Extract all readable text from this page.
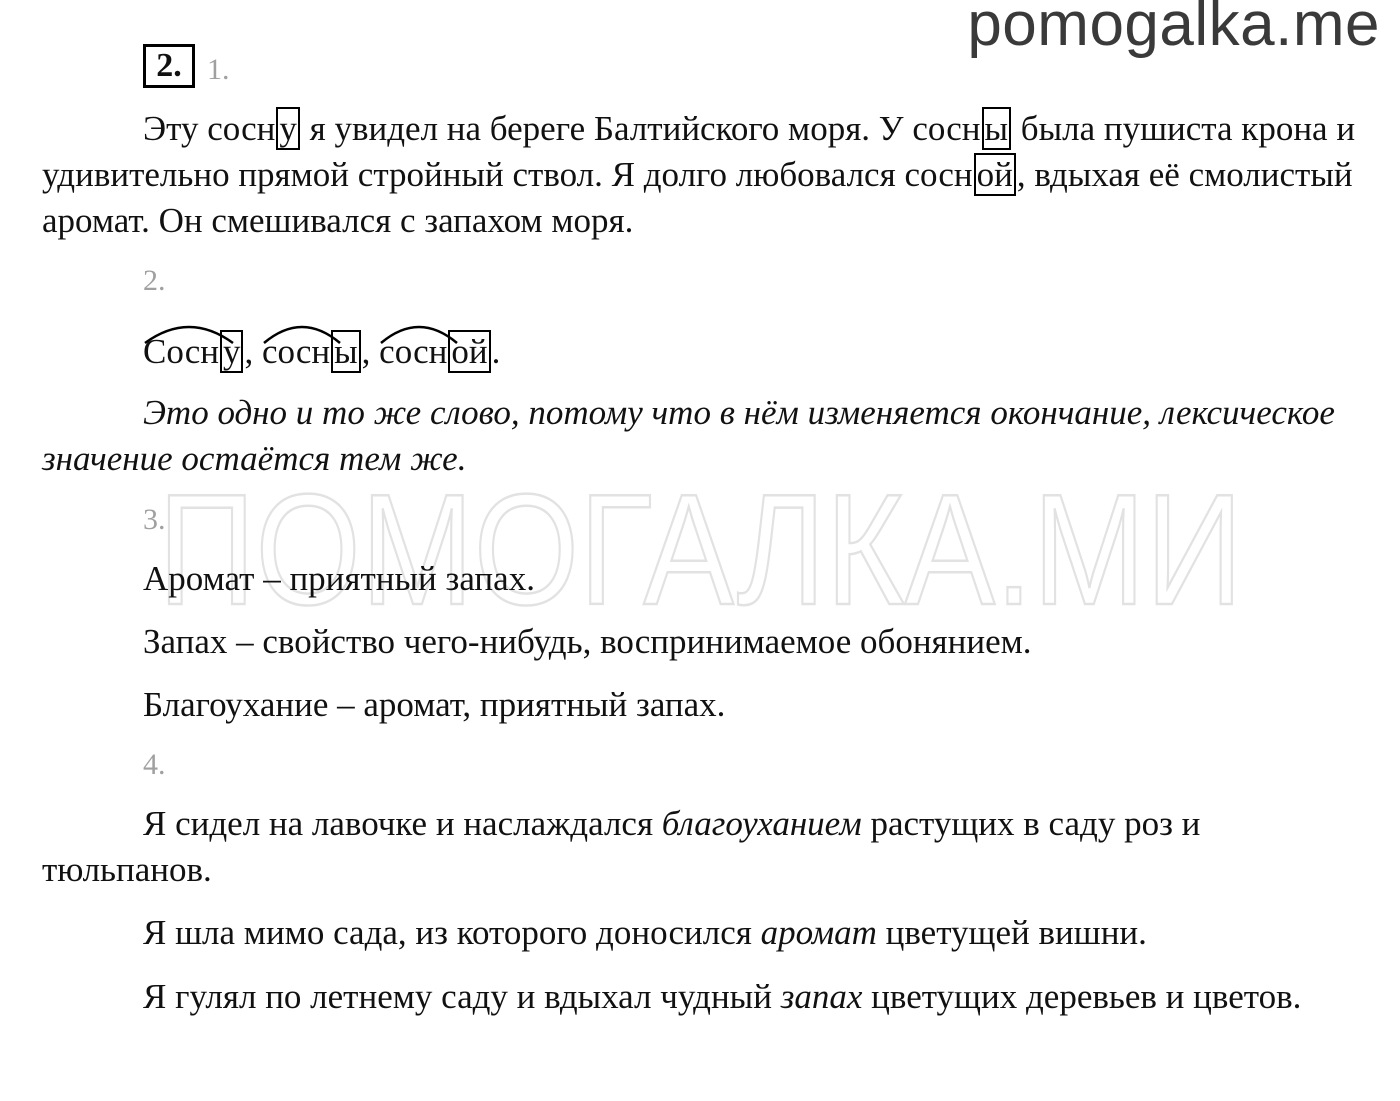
pomogalka.me
ПОМОГАЛКА.МИ
2. 1.

Эту сосн у я увидел на береге Балтийского моря. У сосн ы была пушиста крона и удивительно прямой стройный ствол. Я долго любовался сосн ой , вдыхая её смолистый аромат. Он смешивался с запахом моря.

2.

Сосн у ,
сосн ы ,
сосн ой .

Это одно и то же слово, потому что в нём изменяется окончание, лексическое значение остаётся тем же.

3.

Аромат – приятный запах.

Запах – свойство чего-нибудь, воспринимаемое обонянием.

Благоухание – аромат, приятный запах.

4.

Я сидел на лавочке и наслаждался благоуханием растущих в саду роз и тюльпанов.

Я шла мимо сада, из которого доносился аромат цветущей вишни.

Я гулял по летнему саду и вдыхал чудный запах цветущих деревьев и цветов.
